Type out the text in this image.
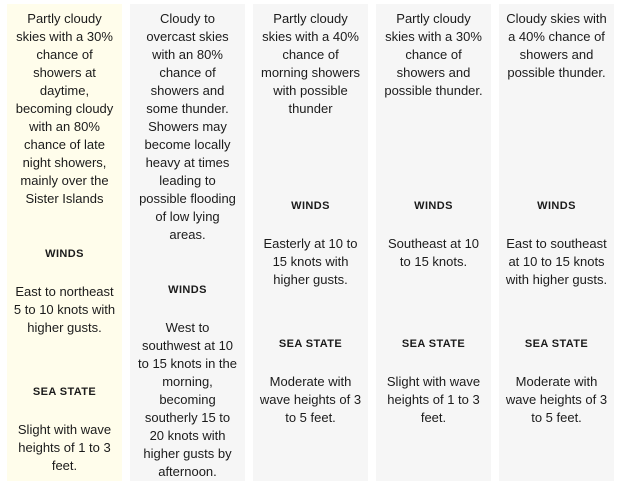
Partly cloudy skies with a 30% chance of showers at daytime, becoming cloudy with an 80% chance of late night showers, mainly over the Sister Islands
WINDS

East to northeast 5 to 10 knots with higher gusts.

SEA STATE

Slight with wave heights of 1 to 3 feet.

Cloudy to overcast skies with an 80% chance of showers and some thunder. Showers may become locally heavy at times leading to possible flooding of low lying areas.
WINDS

West to southwest at 10 to 15 knots in the morning, becoming southerly 15 to 20 knots with higher gusts by afternoon.

Partly cloudy skies with a 40% chance of morning showers with possible thunder
WINDS

Easterly at 10 to 15 knots with higher gusts.

SEA STATE

Moderate with wave heights of 3 to 5 feet.

Partly cloudy skies with a 30% chance of showers and possible thunder.
WINDS

Southeast at 10 to 15 knots.

SEA STATE

Slight with wave heights of 1 to 3 feet.

Cloudy skies with a 40% chance of showers and possible thunder.
WINDS

East to southeast at 10 to 15 knots with higher gusts.

SEA STATE

Moderate with wave heights of 3 to 5 feet.
